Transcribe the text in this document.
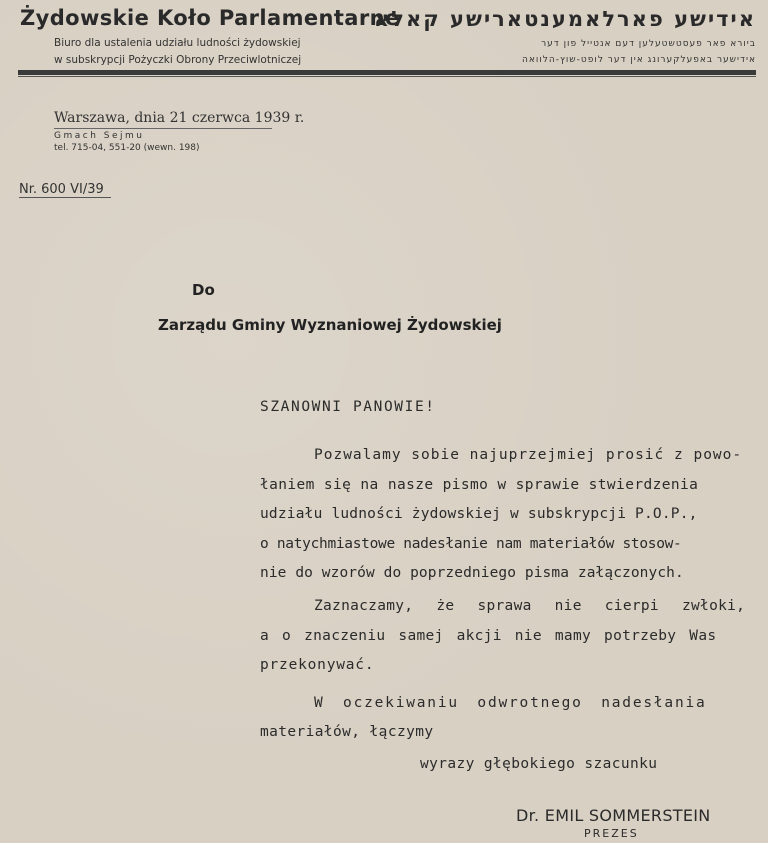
Żydowskie Koło Parlamentarne
Biuro dla ustalenia udziału ludności żydowskiej
w subskrypcji Pożyczki Obrony Przeciwlotniczej
אידישע פארלאמענטארישע קאלא
ביורא פאר פעסטשטעלען דעם אנטייל פון דער
אידישער באפעלקערונג אין דער לופט-שוץ-הלוואה
Warszawa, dnia 21 czerwca 1939 r.
Gmach Sejmu
tel. 715-04, 551-20 (wewn. 198)
Nr. 600 VI/39
Do
Zarządu Gminy Wyznaniowej Żydowskiej
SZANOWNI PANOWIE!
Pozwalamy sobie najuprzejmiej prosić z powo-
łaniem się na nasze pismo w sprawie stwierdzenia
udziału ludności żydowskiej w subskrypcji P.O.P.,
o natychmiastowe nadesłanie nam materiałów stosow-
nie do wzorów do poprzedniego pisma załączonych.
Zaznaczamy, że sprawa nie cierpi zwłoki,
a o znaczeniu samej akcji nie mamy potrzeby Was
przekonywać.
W oczekiwaniu odwrotnego nadesłania
materiałów, łączymy
wyrazy głębokiego szacunku
Dr. EMIL SOMMERSTEIN
PREZES
